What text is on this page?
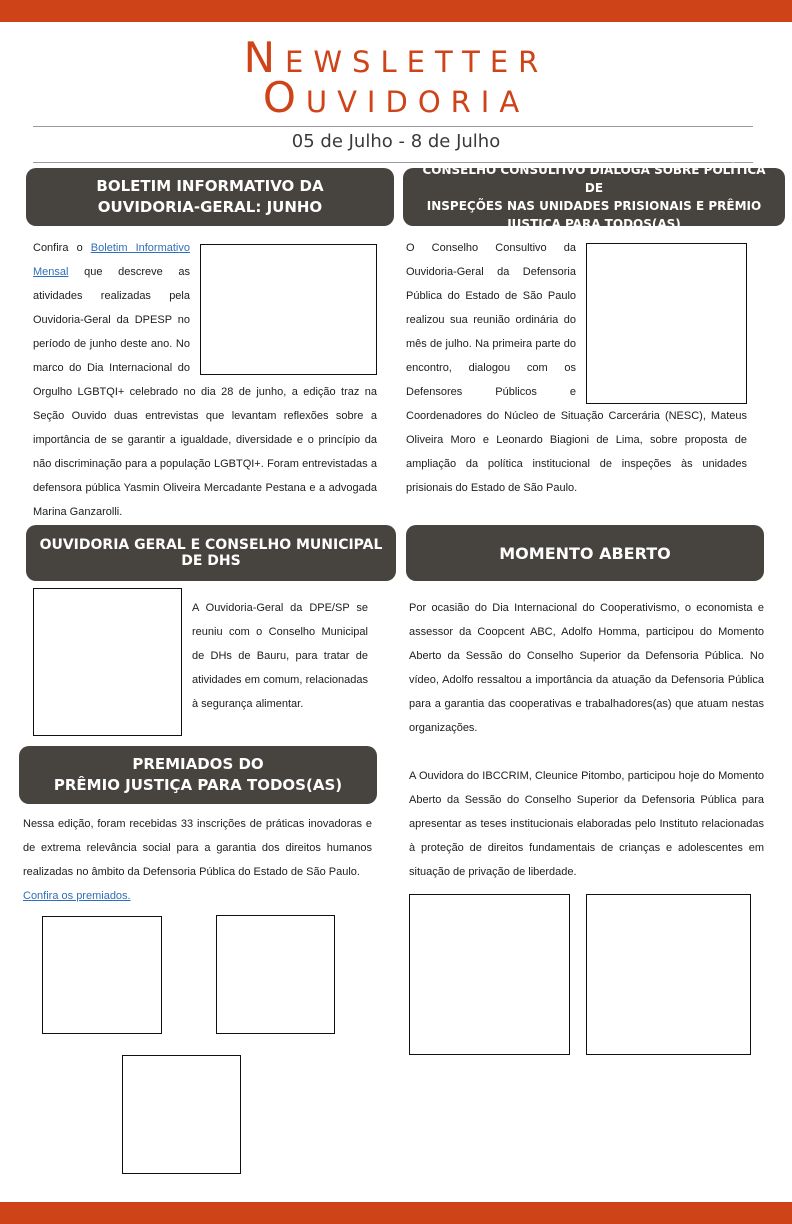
Newsletter
Ouvidoria
05 de Julho - 8 de Julho
BOLETIM INFORMATIVO DA
OUVIDORIA-GERAL: JUNHO
Confira o Boletim Informativo Mensal que descreve as atividades realizadas pela Ouvidoria-Geral da DPESP no período de junho deste ano. No marco do Dia Internacional do Orgulho LGBTQI+ celebrado no dia 28 de junho, a edição traz na Seção Ouvido duas entrevistas que levantam reflexões sobre a importância de se garantir a igualdade, diversidade e o princípio da não discriminação para a população LGBTQI+. Foram entrevistadas a defensora pública Yasmin Oliveira Mercadante Pestana e a advogada Marina Ganzarolli.
CONSELHO CONSULTIVO DIALOGA SOBRE POLÍTICA DE
INSPEÇÕES NAS UNIDADES PRISIONAIS E PRÊMIO
JUSTIÇA PARA TODOS(AS)
O Conselho Consultivo da Ouvidoria-Geral da Defensoria Pública do Estado de São Paulo realizou sua reunião ordinária do mês de julho. Na primeira parte do encontro, dialogou com os Defensores Públicos e Coordenadores do Núcleo de Situação Carcerária (NESC), Mateus Oliveira Moro e Leonardo Biagioni de Lima, sobre proposta de ampliação da política institucional de inspeções às unidades prisionais do Estado de São Paulo.
OUVIDORIA GERAL E CONSELHO MUNICIPAL DE DHS
A Ouvidoria-Geral da DPE/SP se reuniu com o Conselho Municipal de DHs de Bauru, para tratar de atividades em comum, relacionadas à segurança alimentar.
MOMENTO ABERTO
Por ocasião do Dia Internacional do Cooperativismo, o economista e assessor da Coopcent ABC, Adolfo Homma, participou do Momento Aberto da Sessão do Conselho Superior da Defensoria Pública. No vídeo, Adolfo ressaltou a importância da atuação da Defensoria Pública para a garantia das cooperativas e trabalhadores(as) que atuam nestas organizações.
A Ouvidora do IBCCRIM, Cleunice Pitombo, participou hoje do Momento Aberto da Sessão do Conselho Superior da Defensoria Pública para apresentar as teses institucionais elaboradas pelo Instituto relacionadas à proteção de direitos fundamentais de crianças e adolescentes em situação de privação de liberdade.
PREMIADOS DO
PRÊMIO JUSTIÇA PARA TODOS(AS)
Nessa edição, foram recebidas 33 inscrições de práticas inovadoras e de extrema relevância social para a garantia dos direitos humanos realizadas no âmbito da Defensoria Pública do Estado de São Paulo.
Confira os premiados.
